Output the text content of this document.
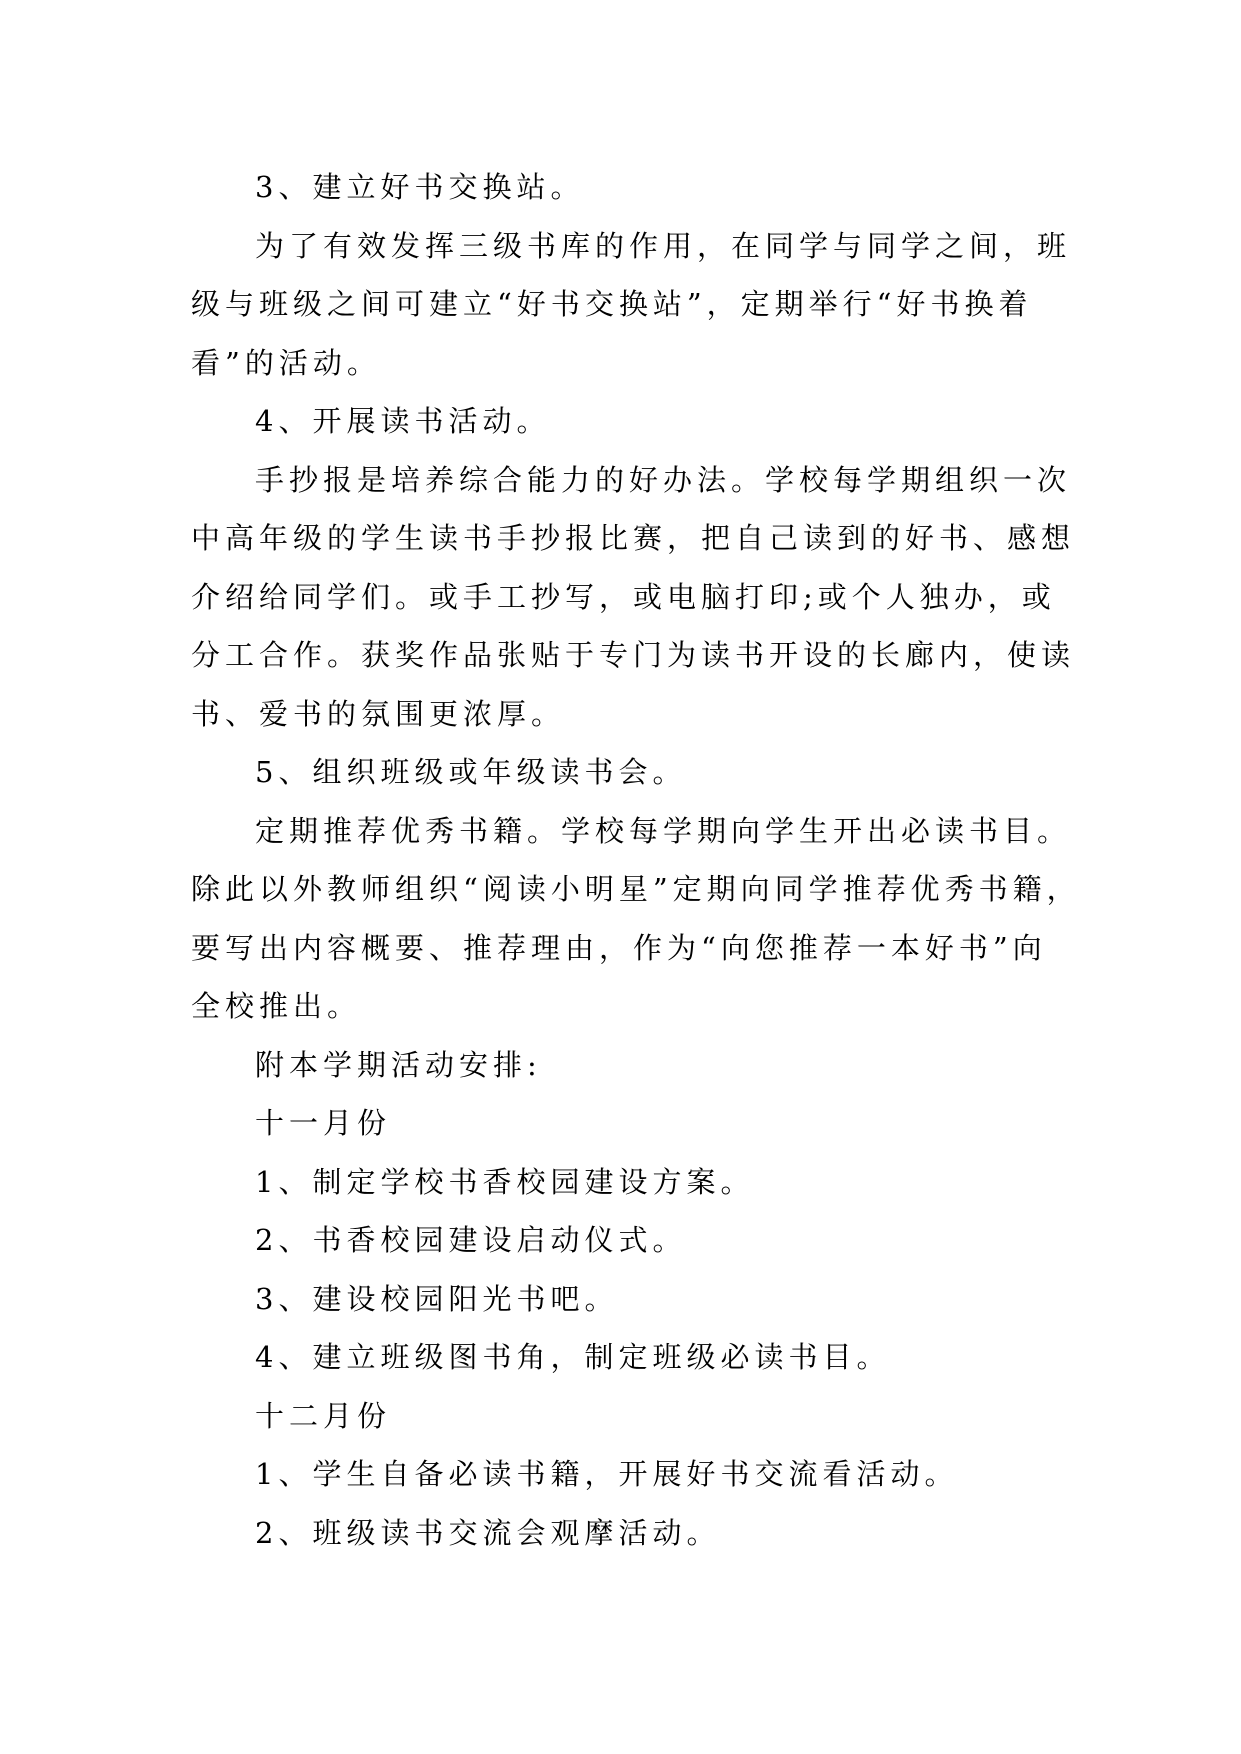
3、建立好书交换站。
为了有效发挥三级书库的作用，在同学与同学之间，班
级与班级之间可建立“好书交换站”，定期举行“好书换着
看”的活动。
4、开展读书活动。
手抄报是培养综合能力的好办法。学校每学期组织一次
中高年级的学生读书手抄报比赛，把自己读到的好书、感想
介绍给同学们。或手工抄写，或电脑打印;或个人独办，或
分工合作。获奖作品张贴于专门为读书开设的长廊内，使读
书、爱书的氛围更浓厚。
5、组织班级或年级读书会。
定期推荐优秀书籍。学校每学期向学生开出必读书目。
除此以外教师组织“阅读小明星”定期向同学推荐优秀书籍，
要写出内容概要、推荐理由，作为“向您推荐一本好书”向
全校推出。
附本学期活动安排:
十一月份
1、制定学校书香校园建设方案。
2、书香校园建设启动仪式。
3、建设校园阳光书吧。
4、建立班级图书角，制定班级必读书目。
十二月份
1、学生自备必读书籍，开展好书交流看活动。
2、班级读书交流会观摩活动。
